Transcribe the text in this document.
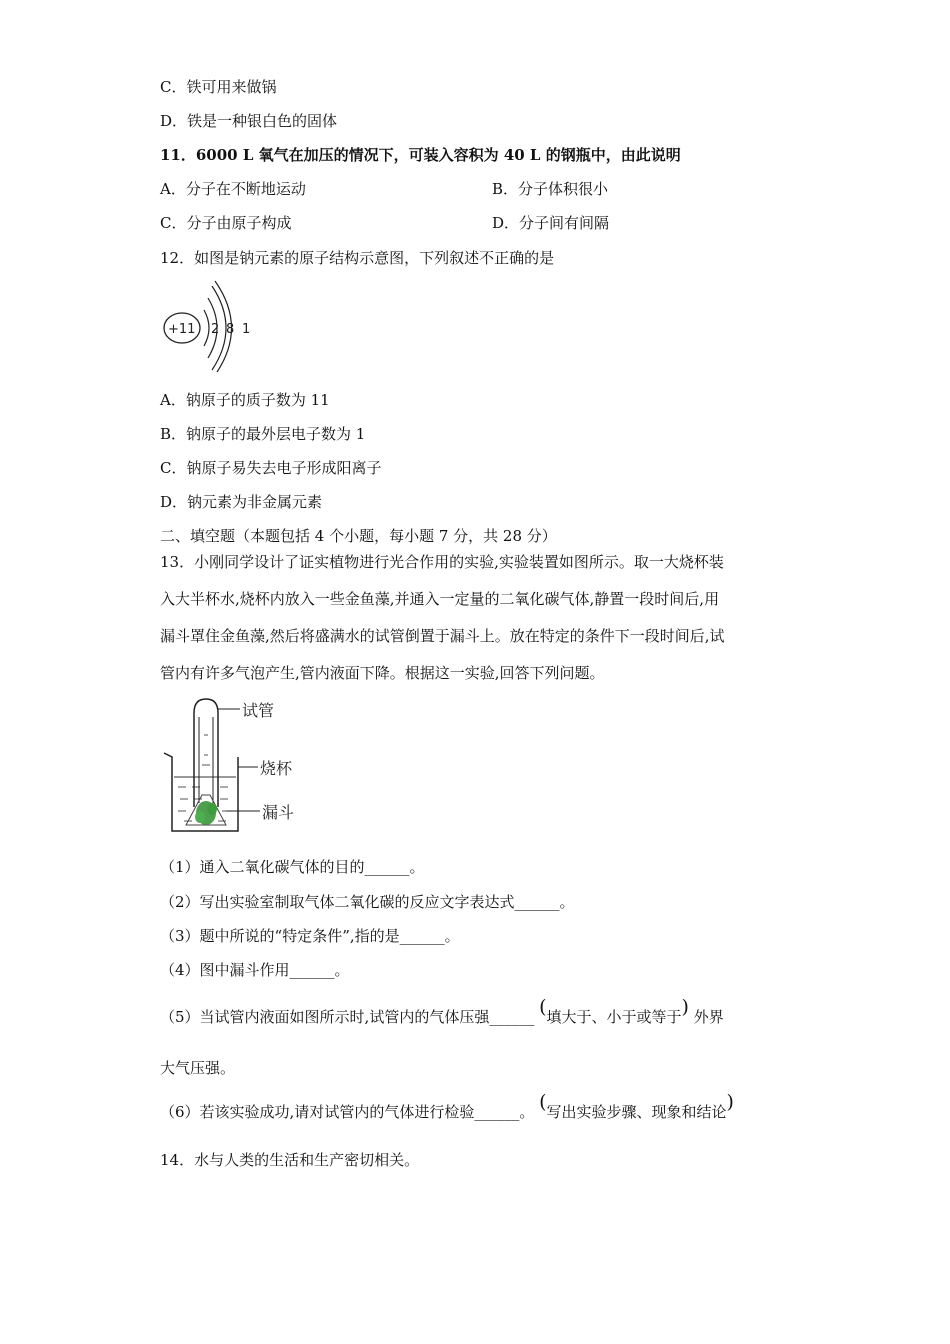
C．铁可用来做锅
D．铁是一种银白色的固体
11．6000 L 氧气在加压的情况下，可装入容积为 40 L 的钢瓶中，由此说明
A．分子在不断地运动	B．分子体积很小
C．分子由原子构成	D．分子间有间隔
12．如图是钠元素的原子结构示意图，下列叙述不正确的是
+11 2 8 1
A．钠原子的质子数为 11
B．钠原子的最外层电子数为 1
C．钠原子易失去电子形成阳离子
D．钠元素为非金属元素
二、填空题（本题包括 4 个小题，每小题 7 分，共 28 分）
13．小刚同学设计了证实植物进行光合作用的实验,实验装置如图所示。取一大烧杯装
入大半杯水,烧杯内放入一些金鱼藻,并通入一定量的二氧化碳气体,静置一段时间后,用
漏斗罩住金鱼藻,然后将盛满水的试管倒置于漏斗上。放在特定的条件下一段时间后,试
管内有许多气泡产生,管内液面下降。根据这一实验,回答下列问题。
试管
烧杯
漏斗
（1）通入二氧化碳气体的目的______。
（2）写出实验室制取气体二氧化碳的反应文字表达式______。
（3）题中所说的“特定条件”,指的是______。
（4）图中漏斗作用______。
（5）当试管内液面如图所示时,试管内的气体压强______ (填大于、小于或等于) 外界
大气压强。
（6）若该实验成功,请对试管内的气体进行检验______。 (写出实验步骤、现象和结论)
14．水与人类的生活和生产密切相关。
